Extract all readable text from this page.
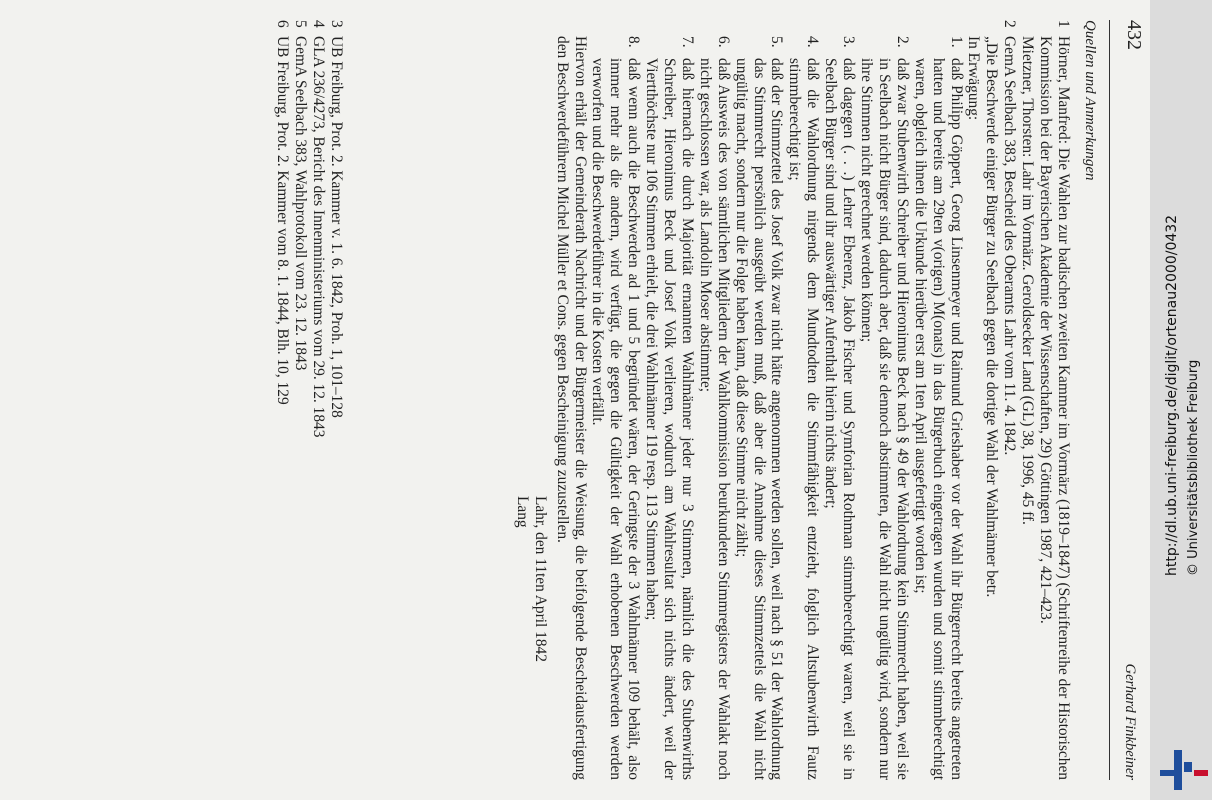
432
Gerhard Finkbeiner
Quellen und Anmerkungen
1

Hörner, Manfred: Die Wahlen zur badischen zweiten Kammer im Vormärz (1819–1847) (Schriftenreihe der Historischen Kommission bei der Bayerischen Akademie der Wissenschaften, 29) Göttingen 1987, 421–423.

Mietzner, Thorsten: Lahr im Vormärz. Geroldsecker Land (GL) 38, 1996, 45 ff.

2

GemA Seelbach 383, Bescheid des Oberamts Lahr vom 11. 4. 1842.

„Die Beschwerde einiger Bürger zu Seelbach gegen die dortige Wahl der Wahlmänner betr.

In Erwägung:

1.
daß Philipp Göppert, Georg Linsenmeyer und Raimund Grieshaber vor der Wahl ihr Bürgerrecht bereits angetreten hatten und bereits am 29ten v(origen) M(onats) in das Bürgerbuch eingetragen wurden und somit stimmberechtigt waren, obgleich ihnen die Urkunde hierüber erst am 1ten April ausgefertigt worden ist;
2.
daß zwar Stubenwirth Schreiber und Hieronimus Beck nach § 49 der Wahlordnung kein Stimmrecht haben, weil sie in Seelbach nicht Bürger sind, dadurch aber, daß sie dennoch abstimmten, die Wahl nicht ungültig wird, sondern nur ihre Stimmen nicht gerechnet werden können;
3.
daß dagegen (. . .) Lehrer Eberenz, Jakob Fischer und Symforian Rothman stimmberechtigt waren, weil sie in Seelbach Bürger sind und ihr auswärtiger Aufenthalt hierin nichts ändert;
4.
daß die Wahlordnung nirgends dem Mundtodten die Stimmfähigkeit entzieht, folglich Altstubenwirth Fautz stimmberechtigt ist;
5.
daß der Stimmzettel des Josef Volk zwar nicht hätte angenommen werden sollen, weil nach § 51 der Wahlordnung das Stimmrecht persönlich ausgeübt werden muß, daß aber die Annahme dieses Stimmzettels die Wahl nicht ungültig macht, sondern nur die Folge haben kann, daß diese Stimme nicht zählt;
6.
daß Ausweis des von sämtlichen Mitgliedern der Wahlkommission beurkundeten Stimmregisters der Wahlakt noch nicht geschlossen war, als Landolin Moser abstimmte;
7.
daß hiernach die durch Majorität ernannten Wahlmänner jeder nur 3 Stimmen, nämlich die des Stubenwirths Schreiber, Hieronimus Beck und Josef Volk verlieren, wodurch am Wahlresultat sich nichts ändert, weil der Viertthöchste nur 106 Stimmen erhielt, die drei Wahlmänner 119 resp. 113 Stimmen haben;
8.
daß wenn auch die Beschwerden ad 1 und 5 begründet wären, der Geringste der 3 Wahlmänner 109 behält, also immer mehr als die andern, wird verfügt, die gegen die Gültigkeit der Wahl erhobenen Beschwerden werden verworfen und die Beschwerdeführer in die Kosten verfällt.

Hiervon erhält der Gemeinderath Nachricht und der Bürgermeister die Weisung, die beifolgende Bescheidausfertigung den Beschwerdeführern Michel Müller et Cons. gegen Bescheinigung zuzustellen.

Lahr, den 11ten April 1842
Lang
3
UB Freiburg, Prot. 2. Kammer v. 1. 6. 1842, Proh. 1, 101–128
4
GLA 236/4273, Bericht des Innenministeriums vom 29. 12. 1843
5
GemA Seelbach 383, Wahlprotokoll vom 23. 12. 1843
6
UB Freiburg, Prot. 2. Kammer vom 8. 1. 1844, Blh. 10, 129	http://dl.ub.uni-freiburg.de/diglit/ortenau2000/0432 © Universitätsbibliothek Freiburg
